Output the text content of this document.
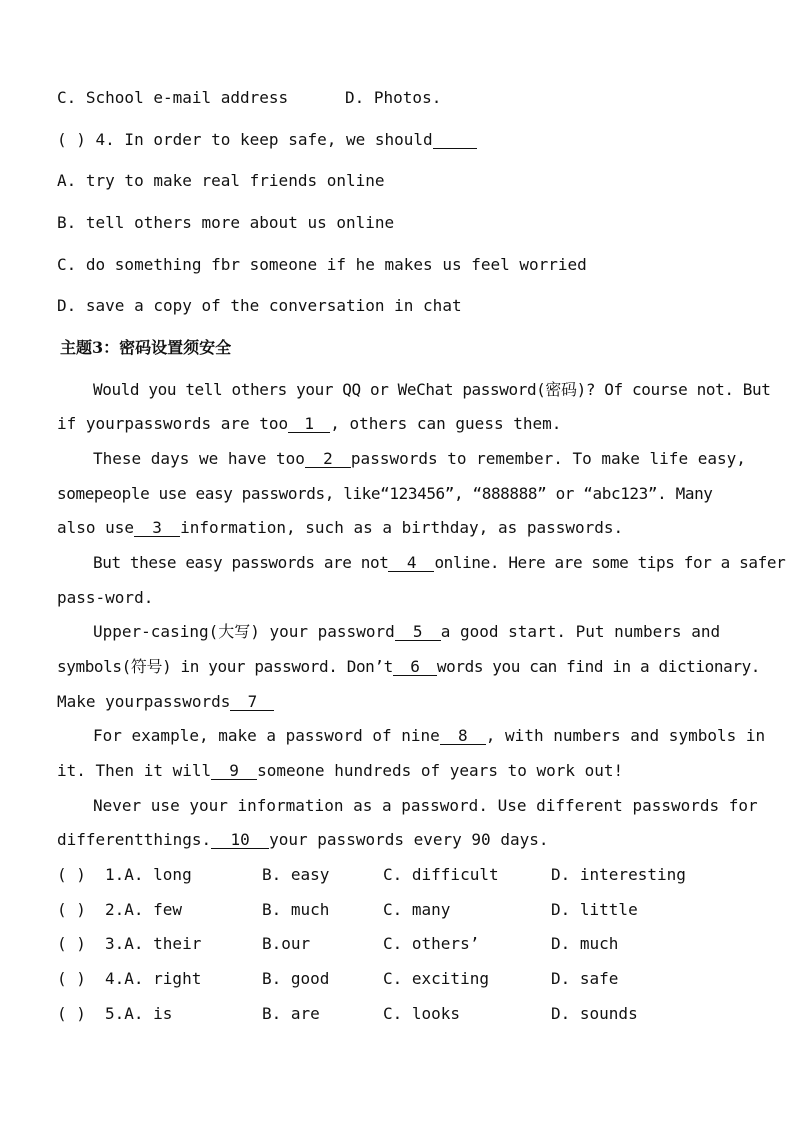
C. School e-mail address	D. Photos.
( ) 4. In order to keep safe, we should
A. try to make real friends online
B. tell others more about us online
C. do something fbr someone if he makes us feel worried
D. save a copy of the conversation in chat
主题3：密码设置须安全
Would you tell others your QQ or WeChat password(密码)? Of course not. But
if yourpasswords are too 1 , others can guess them.
These days we have too 2 passwords to remember. To make life easy,
somepeople use easy passwords, like“123456”, “888888” or “abc123”. Many
also use 3 information, such as a birthday, as passwords.
But these easy passwords are not 4 online. Here are some tips for a safer
pass-word.
Upper-casing(大写) your password 5 a good start. Put numbers and
symbols(符号) in your password. Don’t 6 words you can find in a dictionary.
Make yourpasswords 7
For example, make a password of nine 8 , with numbers and symbols in
it. Then it will 9 someone hundreds of years to work out!
Never use your information as a password. Use different passwords for
differentthings. 10 your passwords every 90 days.
( ) 1.A. long	B. easy	C. difficult	D. interesting
( ) 2.A. few	B. much	C. many	D. little
( ) 3.A. their	B.our	C. others’	D. much
( ) 4.A. right	B. good	C. exciting	D. safe
( ) 5.A. is	B. are	C. looks	D. sounds
